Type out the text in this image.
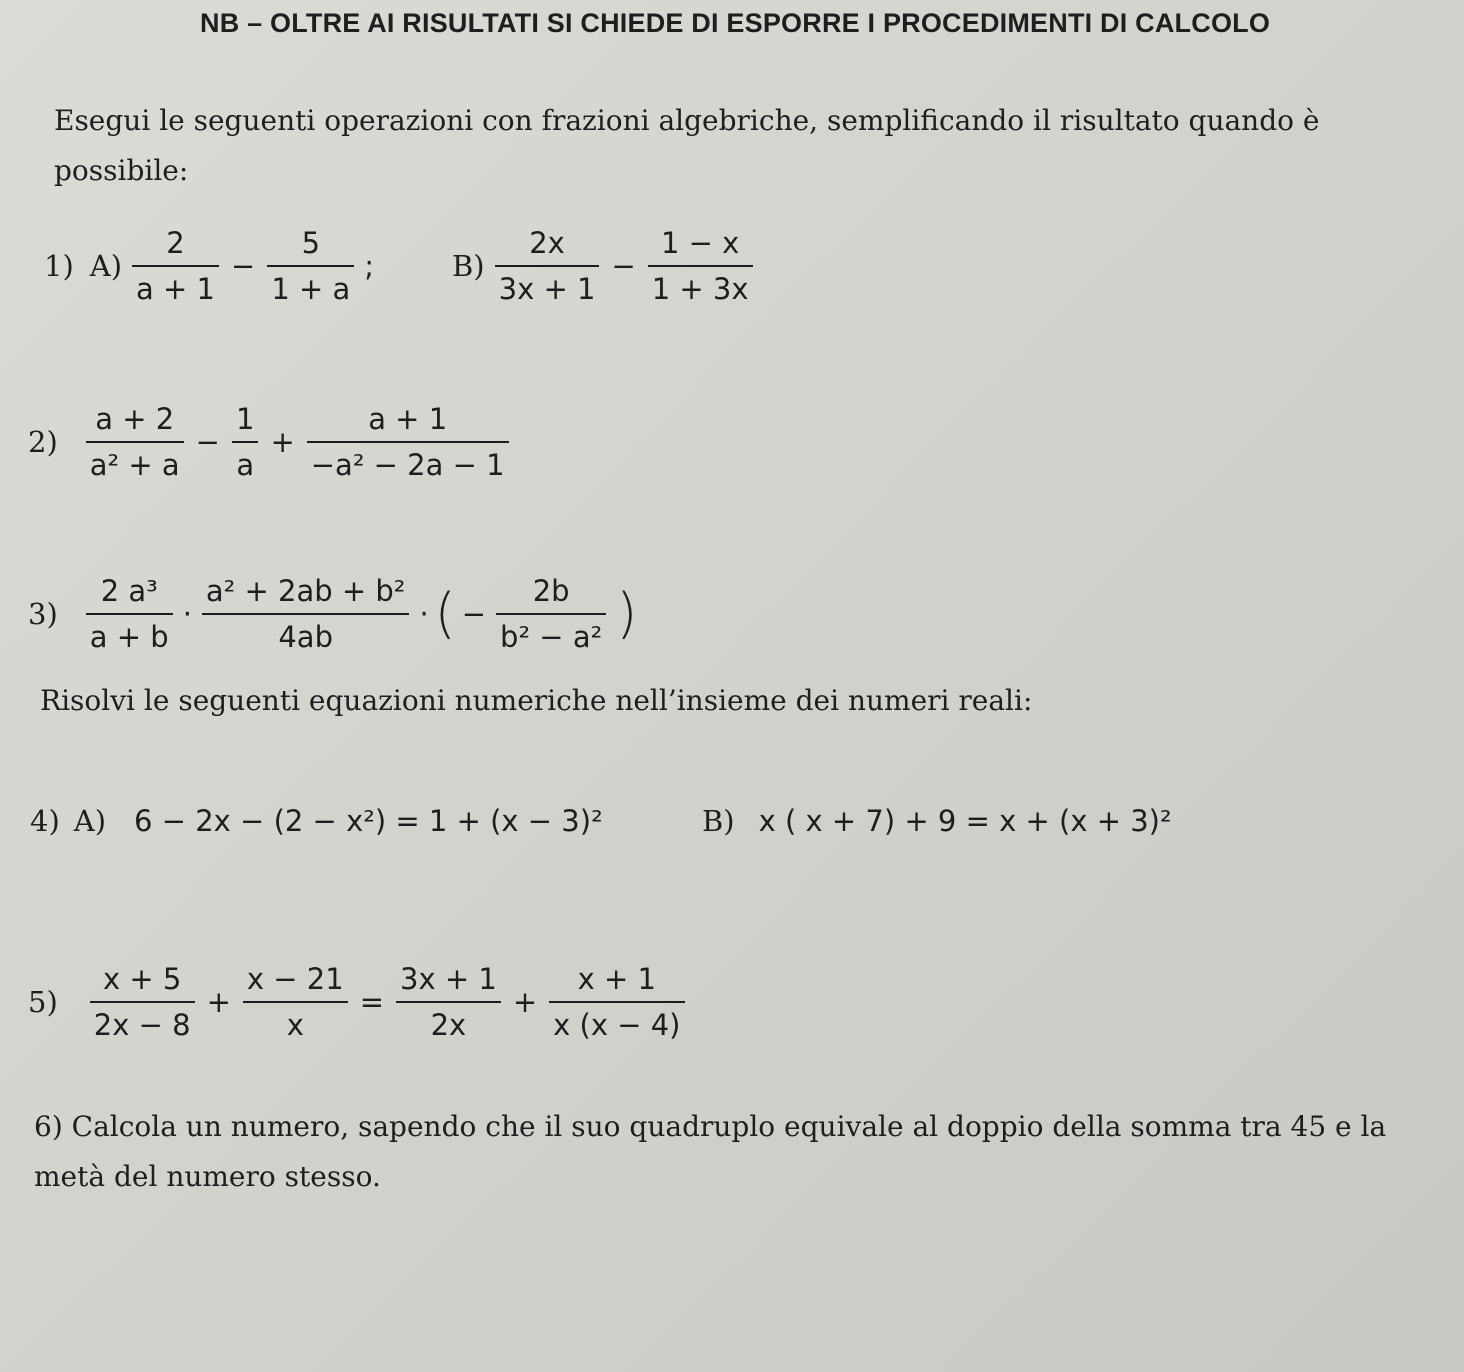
NB – OLTRE AI RISULTATI SI CHIEDE DI ESPORRE I PROCEDIMENTI DI CALCOLO
Esegui le seguenti operazioni con frazioni algebriche, semplificando il risultato quando è possibile:
1) $A) \frac{2}{a + 1} - \frac{5}{1 + a}$ ;	$B) \frac{2x}{3x + 1} - \frac{1 - x}{1 + 3x}$
$2) \frac{a + 2}{\text{a² + a}} - \frac{1}{a} + \frac{a + 1}{\text{−a² − 2a − 1}}$
$3) \frac{\text{2 a³}}{a + b} \cdot \frac{\text{a² + 2ab + b²}}{4ab}$ · ( − $\frac{2b}{\text{b² − a²}}$ )
Risolvi le seguenti equazioni numeriche nell’insieme dei numeri reali:
4) A) 6 − 2x − (2 − x²) = 1 + (x − 3)²	B) x ( x + 7) + 9 = x + (x + 3)²
$5) \frac{x + 5}{2x - 8} + \frac{x - 21}{x} = \frac{3x + 1}{2x} + \frac{x + 1}{x (x - 4)}$
6) Calcola un numero, sapendo che il suo quadruplo equivale al doppio della somma tra 45 e la metà del numero stesso.
